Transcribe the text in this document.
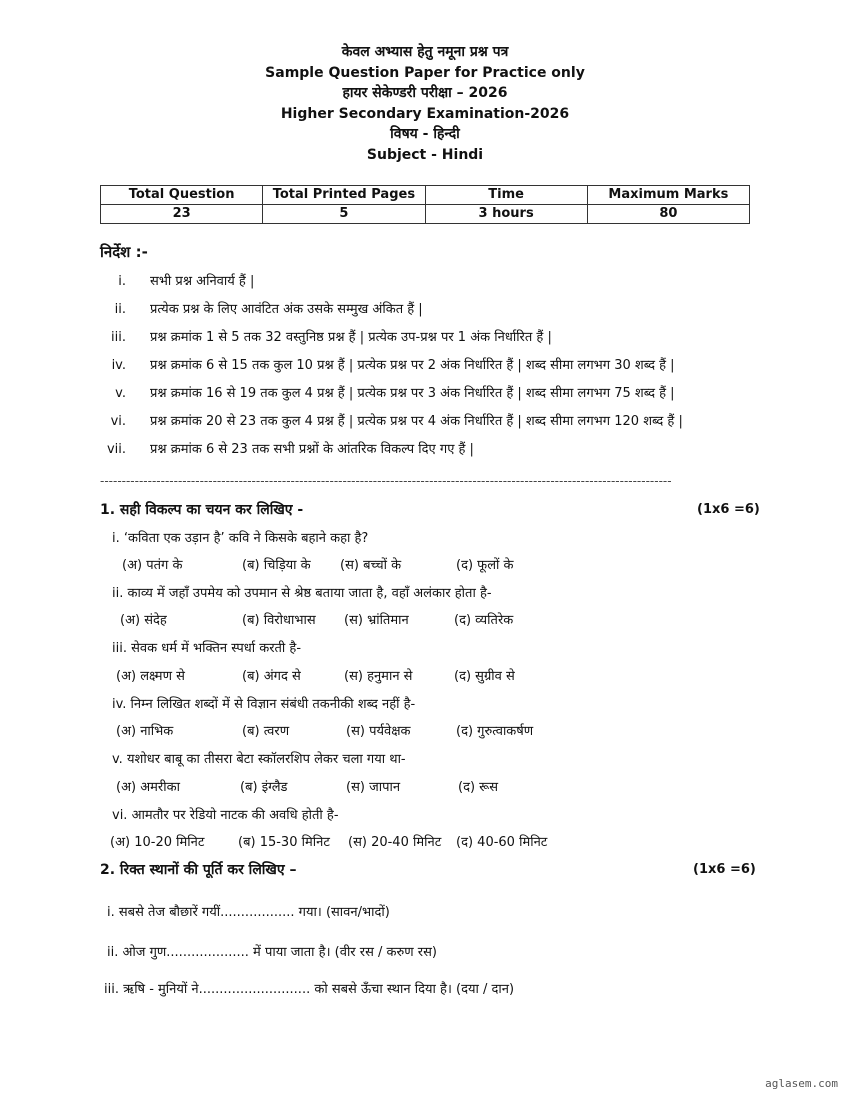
केवल अभ्यास हेतु नमूना प्रश्न पत्र
Sample Question Paper for Practice only
हायर सेकेण्डरी परीक्षा – 2026
Higher Secondary Examination-2026
विषय - हिन्दी
Subject - Hindi
Total Question	Total Printed Pages	Time	Maximum Marks
23	5	3 hours	80
निर्देश :-
i. सभी प्रश्न अनिवार्य हैं |
ii. प्रत्येक प्रश्न के लिए आवंटित अंक उसके सम्मुख अंकित हैं |
iii. प्रश्न क्रमांक 1 से 5 तक 32 वस्तुनिष्ठ प्रश्न हैं | प्रत्येक उप-प्रश्न पर 1 अंक निर्धारित हैं |
iv. प्रश्न क्रमांक 6 से 15 तक कुल 10 प्रश्न हैं | प्रत्येक प्रश्न पर 2 अंक निर्धारित हैं | शब्द सीमा लगभग 30 शब्द हैं |
v. प्रश्न क्रमांक 16 से 19 तक कुल 4 प्रश्न हैं | प्रत्येक प्रश्न पर 3 अंक निर्धारित हैं | शब्द सीमा लगभग 75 शब्द हैं |
vi. प्रश्न क्रमांक 20 से 23 तक कुल 4 प्रश्न हैं | प्रत्येक प्रश्न पर 4 अंक निर्धारित हैं | शब्द सीमा लगभग 120 शब्द हैं |
vii. प्रश्न क्रमांक 6 से 23 तक सभी प्रश्नों के आंतरिक विकल्प दिए गए हैं |
------------------------------------------------------------------------------------------------------------------------------------
1. सही विकल्प का चयन कर लिखिए -	(1x6 =6)
i. ‘कविता एक उड़ान है’ कवि ने किसके बहाने कहा है?
(अ) पतंग के	(ब) चिड़िया के (स) बच्चों के	(द) फूलों के
ii. काव्य में जहाँ उपमेय को उपमान से श्रेष्ठ बताया जाता है, वहाँ अलंकार होता है-
(अ) संदेह	(ब) विरोधाभास (स) भ्रांतिमान	(द) व्यतिरेक
iii. सेवक धर्म में भक्तिन स्पर्धा करती है-
(अ) लक्ष्मण से	(ब) अंगद से	(स) हनुमान से	(द) सुग्रीव से
iv. निम्न लिखित शब्दों में से विज्ञान संबंधी तकनीकी शब्द नहीं है-
(अ) नाभिक	(ब) त्वरण	(स) पर्यवेक्षक	(द) गुरुत्वाकर्षण
v. यशोधर बाबू का तीसरा बेटा स्कॉलरशिप लेकर चला गया था-
(अ) अमरीका	(ब) इंग्लैड	(स) जापान	(द) रूस
vi. आमतौर पर रेडियो नाटक की अवधि होती है-
(अ) 10-20 मिनिट	(ब) 15-30 मिनिट (स) 20-40 मिनिट (द) 40-60 मिनिट
2. रिक्त स्थानों की पूर्ति कर लिखिए –	(1x6 =6)
i. सबसे तेज बौछारें गयीं.................. गया। (सावन/भादों)
ii. ओज गुण.................... में पाया जाता है। (वीर रस / करुण रस)
iii. ऋषि - मुनियों ने........................... को सबसे ऊँचा स्थान दिया है। (दया / दान)
aglasem.com
